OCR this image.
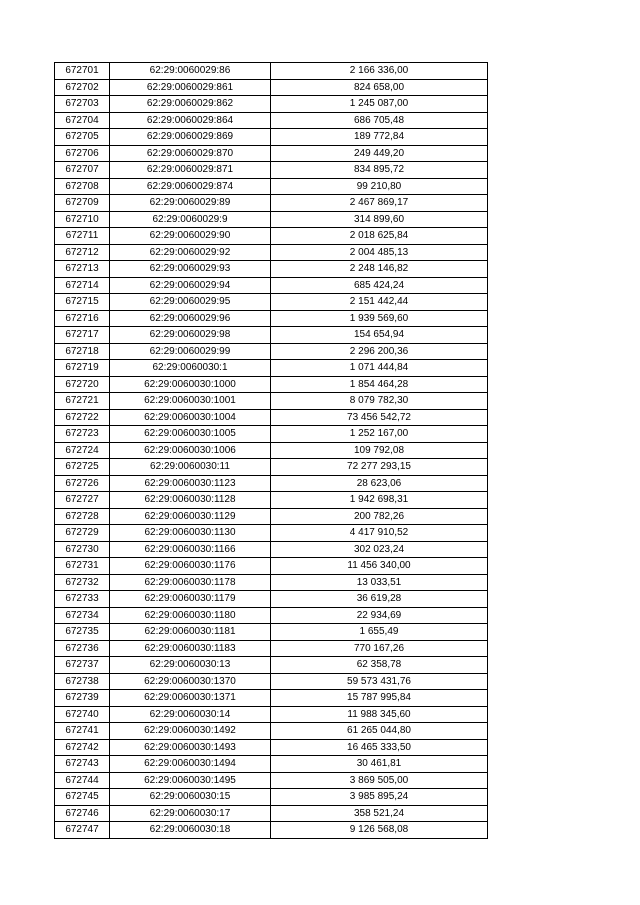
672701	62:29:0060029:86	2 166 336,00
672702	62:29:0060029:861	824 658,00
672703	62:29:0060029:862	1 245 087,00
672704	62:29:0060029:864	686 705,48
672705	62:29:0060029:869	189 772,84
672706	62:29:0060029:870	249 449,20
672707	62:29:0060029:871	834 895,72
672708	62:29:0060029:874	99 210,80
672709	62:29:0060029:89	2 467 869,17
672710	62:29:0060029:9	314 899,60
672711	62:29:0060029:90	2 018 625,84
672712	62:29:0060029:92	2 004 485,13
672713	62:29:0060029:93	2 248 146,82
672714	62:29:0060029:94	685 424,24
672715	62:29:0060029:95	2 151 442,44
672716	62:29:0060029:96	1 939 569,60
672717	62:29:0060029:98	154 654,94
672718	62:29:0060029:99	2 296 200,36
672719	62:29:0060030:1	1 071 444,84
672720	62:29:0060030:1000	1 854 464,28
672721	62:29:0060030:1001	8 079 782,30
672722	62:29:0060030:1004	73 456 542,72
672723	62:29:0060030:1005	1 252 167,00
672724	62:29:0060030:1006	109 792,08
672725	62:29:0060030:11	72 277 293,15
672726	62:29:0060030:1123	28 623,06
672727	62:29:0060030:1128	1 942 698,31
672728	62:29:0060030:1129	200 782,26
672729	62:29:0060030:1130	4 417 910,52
672730	62:29:0060030:1166	302 023,24
672731	62:29:0060030:1176	11 456 340,00
672732	62:29:0060030:1178	13 033,51
672733	62:29:0060030:1179	36 619,28
672734	62:29:0060030:1180	22 934,69
672735	62:29:0060030:1181	1 655,49
672736	62:29:0060030:1183	770 167,26
672737	62:29:0060030:13	62 358,78
672738	62:29:0060030:1370	59 573 431,76
672739	62:29:0060030:1371	15 787 995,84
672740	62:29:0060030:14	11 988 345,60
672741	62:29:0060030:1492	61 265 044,80
672742	62:29:0060030:1493	16 465 333,50
672743	62:29:0060030:1494	30 461,81
672744	62:29:0060030:1495	3 869 505,00
672745	62:29:0060030:15	3 985 895,24
672746	62:29:0060030:17	358 521,24
672747	62:29:0060030:18	9 126 568,08
